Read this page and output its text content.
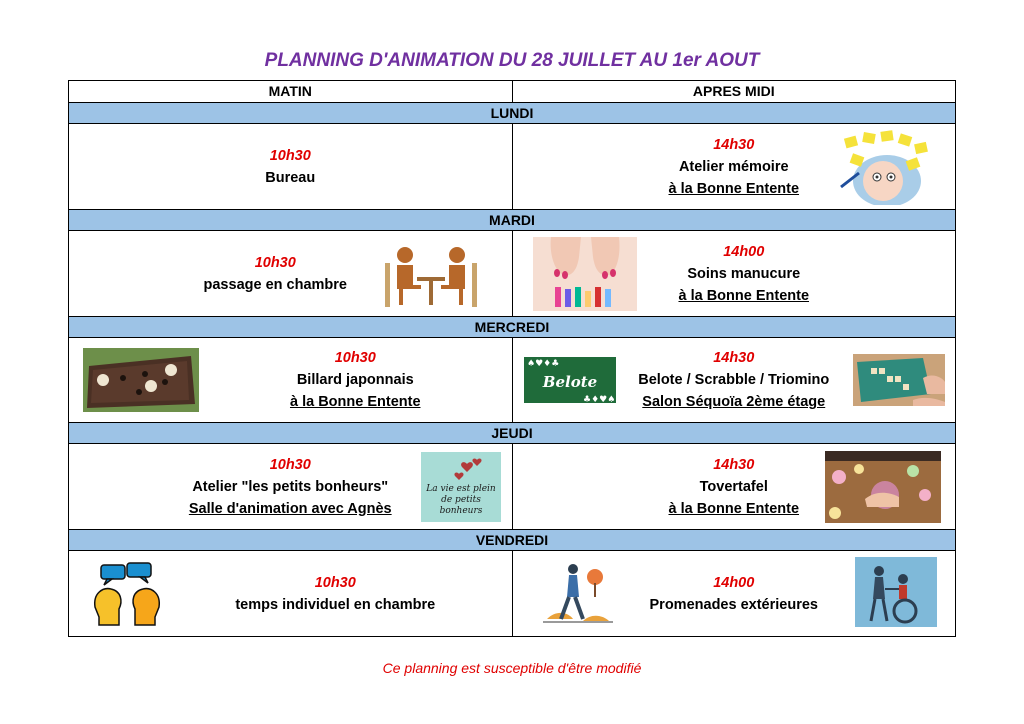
PLANNING D'ANIMATION DU 28 JUILLET AU 1er AOUT
MATIN	APRES MIDI
LUNDI
10h30
Bureau
14h30
Atelier mémoire
à la Bonne Entente
MARDI
10h30
passage en chambre
14h00
Soins manucure
à la Bonne Entente
MERCREDI
10h30
Billard japonnais
à la Bonne Entente
14h30
Belote / Scrabble / Triomino
Salon Séquoïa 2ème étage
♠♥♦♣
♣♦♥♠
Belote
JEUDI
10h30
Atelier "les petits bonheurs"
Salle d'animation avec Agnès
La vie est plein de petits bonheurs
14h30
Tovertafel
à la Bonne Entente
VENDREDI
10h30
temps individuel en chambre
14h00
Promenades extérieures
Ce planning est susceptible d'être modifié
